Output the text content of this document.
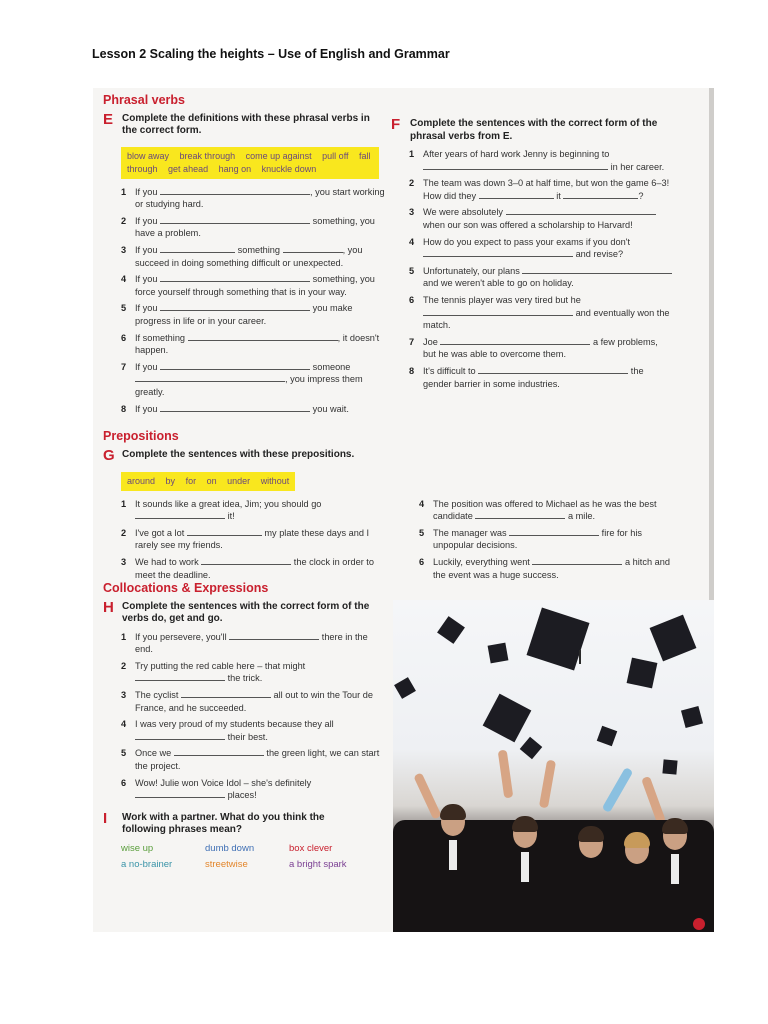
Lesson 2 Scaling the heights – Use of English and Grammar
Phrasal verbs
E Complete the definitions with these phrasal verbs in the correct form.
blow away break through come up against pull off fall through get ahead hang on knuckle down
1 If you	, you start working or studying hard.
2 If you	something, you have a problem.
3 If you	something	, you succeed in doing something difficult or unexpected.
4 If you	something, you force yourself through something that is in your way.
5 If you	you make progress in life or in your career.
6 If something	, it doesn't happen.
7 If you	someone , you impress them greatly.
8 If you	you wait.
F Complete the sentences with the correct form of the phrasal verbs from E.
1 After years of hard work Jenny is beginning to  in her career.
2 The team was down 3–0 at half time, but won the game 6–3! How did they	it	?
3 We were absolutely  when our son was offered a scholarship to Harvard!
4 How do you expect to pass your exams if you don't  and revise?
5 Unfortunately, our plans  and we weren't able to go on holiday.
6 The tennis player was very tired but he  and eventually won the match.
7 Joe	a few problems, but he was able to overcome them.
8 It's difficult to	the gender barrier in some industries.
Prepositions
G Complete the sentences with these prepositions.
around by for on under without
1 It sounds like a great idea, Jim; you should go  it!
2 I've got a lot	my plate these days and I rarely see my friends.
3 We had to work	the clock in order to meet the deadline.
4 The position was offered to Michael as he was the best candidate	a mile.
5 The manager was	fire for his unpopular decisions.
6 Luckily, everything went	a hitch and the event was a huge success.
Collocations & Expressions
H Complete the sentences with the correct form of the verbs do, get and go.
1 If you persevere, you'll	there in the end.
2 Try putting the red cable here – that might  the trick.
3 The cyclist	all out to win the Tour de France, and he succeeded.
4 I was very proud of my students because they all  their best.
5 Once we	the green light, we can start the project.
6 Wow! Julie won Voice Idol – she's definitely  places!
I	Work with a partner. What do you think the following phrases mean?
wise up	dumb down	box clever
a no-brainer	streetwise	a bright spark
